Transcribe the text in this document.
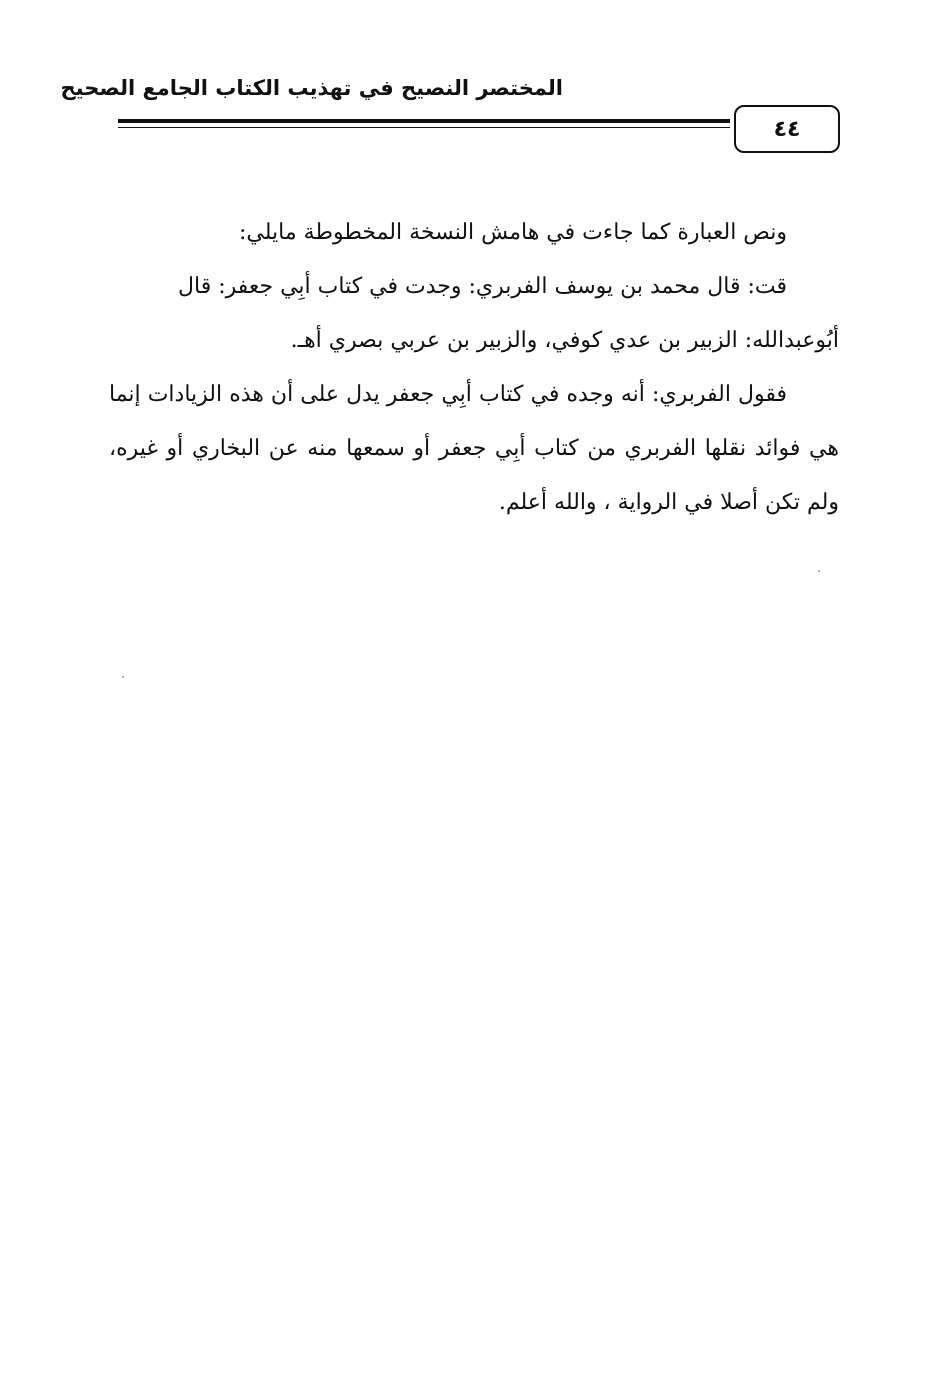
المختصر النصيح في تهذيب الكتاب الجامع الصحيح
٤٤

ونص العبارة كما جاءت في هامش النسخة المخطوطة مايلي:

قت: قال محمد بن يوسف الفربري: وجدت في كتاب أبِي جعفر: قال

أبُوعبدالله: الزبير بن عدي كوفي، والزبير بن عربي بصري أهـ.

فقول الفربري: أنه وجده في كتاب أبِي جعفر يدل على أن هذه الزيادات إنما هي فوائد نقلها الفربري من كتاب أبِي جعفر أو سمعها منه عن البخاري أو غيره، ولم تكن أصلا في الرواية ، والله أعلم.
